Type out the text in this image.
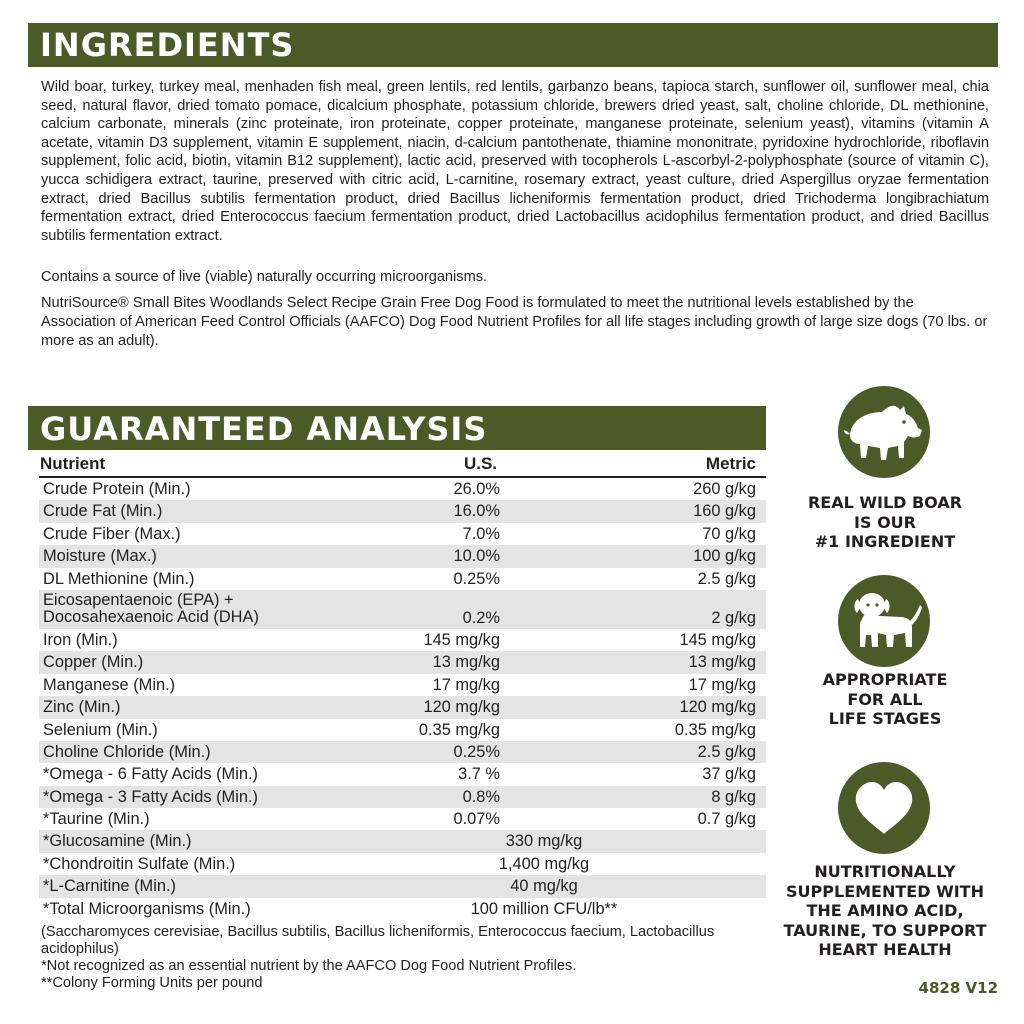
INGREDIENTS

Wild boar, turkey, turkey meal, menhaden fish meal, green lentils, red lentils, garbanzo beans, tapioca starch, sunflower oil, sunflower meal, chia seed, natural flavor, dried tomato pomace, dicalcium phosphate, potassium chloride, brewers dried yeast, salt, choline chloride, DL methionine, calcium carbonate, minerals (zinc proteinate, iron proteinate, copper proteinate, manganese proteinate, selenium yeast), vitamins (vitamin A acetate, vitamin D3 supplement, vitamin E supplement, niacin, d-calcium pantothenate, thiamine mononitrate, pyridoxine hydrochloride, riboflavin supplement, folic acid, biotin, vitamin B12 supplement), lactic acid, preserved with tocopherols L-ascorbyl-2-polyphosphate (source of vitamin C), yucca schidigera extract, taurine, preserved with citric acid, L-carnitine, rosemary extract, yeast culture, dried Aspergillus oryzae fermentation extract, dried Bacillus subtilis fermentation product, dried Bacillus licheniformis fermentation product, dried Trichoderma longibrachiatum fermentation extract, dried Enterococcus faecium fermentation product, dried Lactobacillus acidophilus fermentation product, and dried Bacillus subtilis fermentation extract.

Contains a source of live (viable) naturally occurring microorganisms.

NutriSource® Small Bites Woodlands Select Recipe Grain Free Dog Food is formulated to meet the nutritional levels established by the Association of American Feed Control Officials (AAFCO) Dog Food Nutrient Profiles for all life stages including growth of large size dogs (70 lbs. or more as an adult).

GUARANTEED ANALYSIS
Nutrient	U.S.	Metric
Crude Protein (Min.)	26.0%	260 g/kg
Crude Fat (Min.)	16.0%	160 g/kg
Crude Fiber (Max.)	7.0%	70 g/kg
Moisture (Max.)	10.0%	100 g/kg
DL Methionine (Min.)	0.25%	2.5 g/kg
Eicosapentaenoic (EPA) +
Docosahexaenoic Acid (DHA)	0.2%	2 g/kg
Iron (Min.)	145 mg/kg	145 mg/kg
Copper (Min.)	13 mg/kg	13 mg/kg
Manganese (Min.)	17 mg/kg	17 mg/kg
Zinc (Min.)	120 mg/kg	120 mg/kg
Selenium (Min.)	0.35 mg/kg	0.35 mg/kg
Choline Chloride (Min.)	0.25%	2.5 g/kg
*Omega - 6 Fatty Acids (Min.)	3.7 %	37 g/kg
*Omega - 3 Fatty Acids (Min.)	0.8%	8 g/kg
*Taurine (Min.)	0.07%	0.7 g/kg
*Glucosamine (Min.)	330 mg/kg
*Chondroitin Sulfate (Min.)	1,400 mg/kg
*L-Carnitine (Min.)	40 mg/kg
*Total Microorganisms (Min.)	100 million CFU/lb**
(Saccharomyces cerevisiae, Bacillus subtilis, Bacillus licheniformis, Enterococcus faecium, Lactobacillus acidophilus)
*Not recognized as an essential nutrient by the AAFCO Dog Food Nutrient Profiles.
**Colony Forming Units per pound
REAL WILD BOAR
IS OUR
#1 INGREDIENT
APPROPRIATE
FOR ALL
LIFE STAGES
NUTRITIONALLY
SUPPLEMENTED WITH
THE AMINO ACID,
TAURINE, TO SUPPORT
HEART HEALTH
4828 V12
